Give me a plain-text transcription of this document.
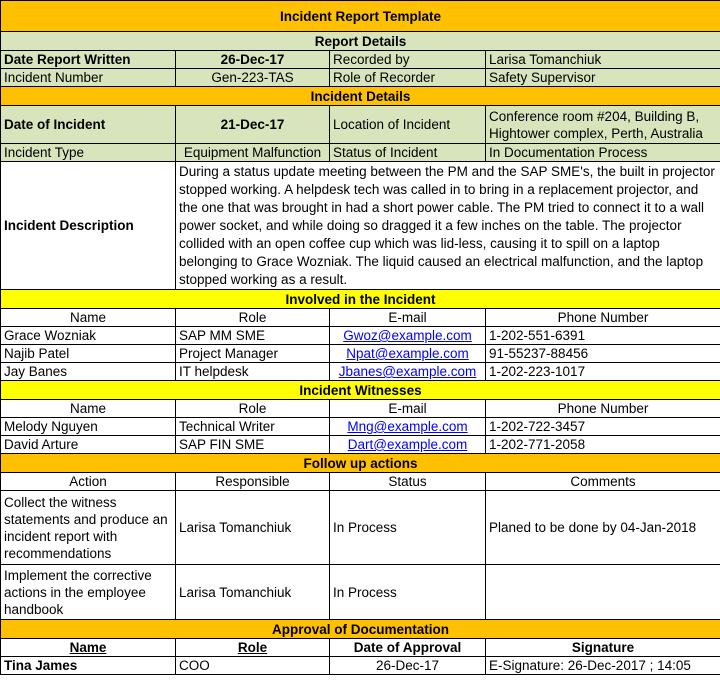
Incident Report Template			
Report Details			
Date Report Written	26-Dec-17	Recorded by	Larisa Tomanchiuk
Incident Number	Gen-223-TAS	Role of Recorder	Safety Supervisor
Incident Details			
Date of Incident	21-Dec-17	Location of Incident	Conference room #204, Building B, Hightower complex, Perth, Australia
Incident Type	Equipment Malfunction	Status of Incident	In Documentation Process
Incident Description	During a status update meeting between the PM and the SAP SME's, the built in projector stopped working. A helpdesk tech was called in to bring in a replacement projector, and the one that was brought in had a short power cable. The PM tried to connect it to a wall power socket, and while doing so dragged it a few inches on the table. The projector collided with an open coffee cup which was lid-less, causing it to spill on a laptop belonging to Grace Wozniak. The liquid caused an electrical malfunction, and the laptop stopped working as a result.		
Involved in the Incident			
Name	Role	E-mail	Phone Number
Grace Wozniak	SAP MM SME	Gwoz@example.com	1-202-551-6391
Najib Patel	Project Manager	Npat@example.com	91-55237-88456
Jay Banes	IT helpdesk	Jbanes@example.com	1-202-223-1017
Incident Witnesses			
Name	Role	E-mail	Phone Number
Melody Nguyen	Technical Writer	Mng@example.com	1-202-722-3457
David Arture	SAP FIN SME	Dart@example.com	1-202-771-2058
Follow up actions			
Action	Responsible	Status	Comments
Collect the witness statements and produce an incident report with recommendations	Larisa Tomanchiuk	In Process	Planed to be done by 04-Jan-2018
Implement the corrective actions in the employee handbook	Larisa Tomanchiuk	In Process	
Approval of Documentation			
Name	Role	Date of Approval	Signature
Tina James	COO	26-Dec-17	E-Signature: 26-Dec-2017 ; 14:05
